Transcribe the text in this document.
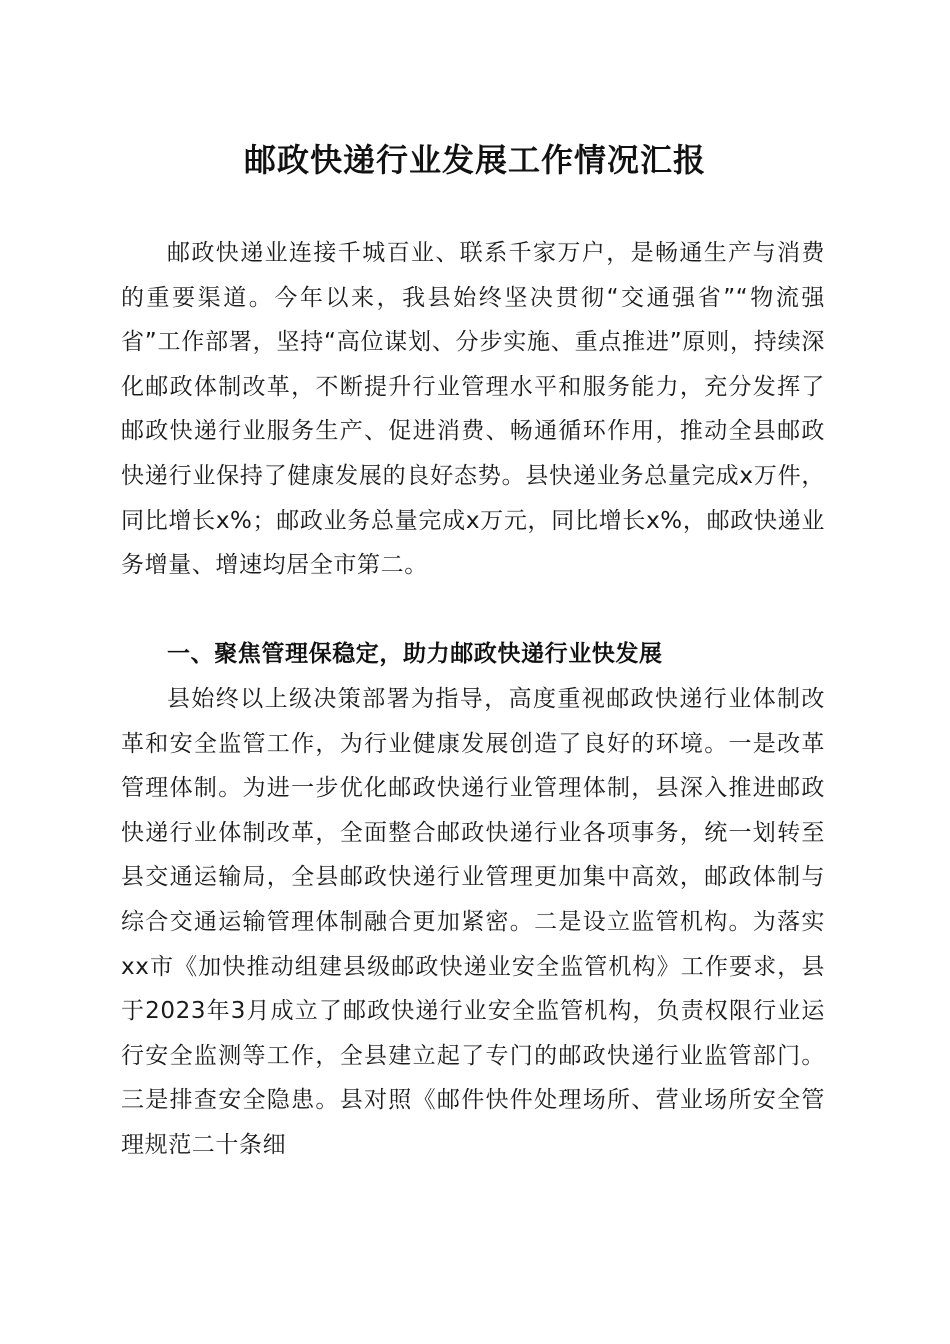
邮政快递行业发展工作情况汇报

邮政快递业连接千城百业、联系千家万户，是畅通生产与消费的重要渠道。今年以来，我县始终坚决贯彻“交通强省”“物流强省”工作部署，坚持“高位谋划、分步实施、重点推进”原则，持续深化邮政体制改革，不断提升行业管理水平和服务能力，充分发挥了邮政快递行业服务生产、促进消费、畅通循环作用，推动全县邮政快递行业保持了健康发展的良好态势。县快递业务总量完成x万件，同比增长x%；邮政业务总量完成x万元，同比增长x%，邮政快递业务增量、增速均居全市第二。

一、聚焦管理保稳定，助力邮政快递行业快发展

县始终以上级决策部署为指导，高度重视邮政快递行业体制改革和安全监管工作，为行业健康发展创造了良好的环境。一是改革管理体制。为进一步优化邮政快递行业管理体制，县深入推进邮政快递行业体制改革，全面整合邮政快递行业各项事务，统一划转至县交通运输局，全县邮政快递行业管理更加集中高效，邮政体制与综合交通运输管理体制融合更加紧密。二是设立监管机构。为落实xx市《加快推动组建县级邮政快递业安全监管机构》工作要求，县于2023年3月成立了邮政快递行业安全监管机构，负责权限行业运行安全监测等工作，全县建立起了专门的邮政快递行业监管部门。三是排查安全隐患。县对照《邮件快件处理场所、营业场所安全管理规范二十条细
